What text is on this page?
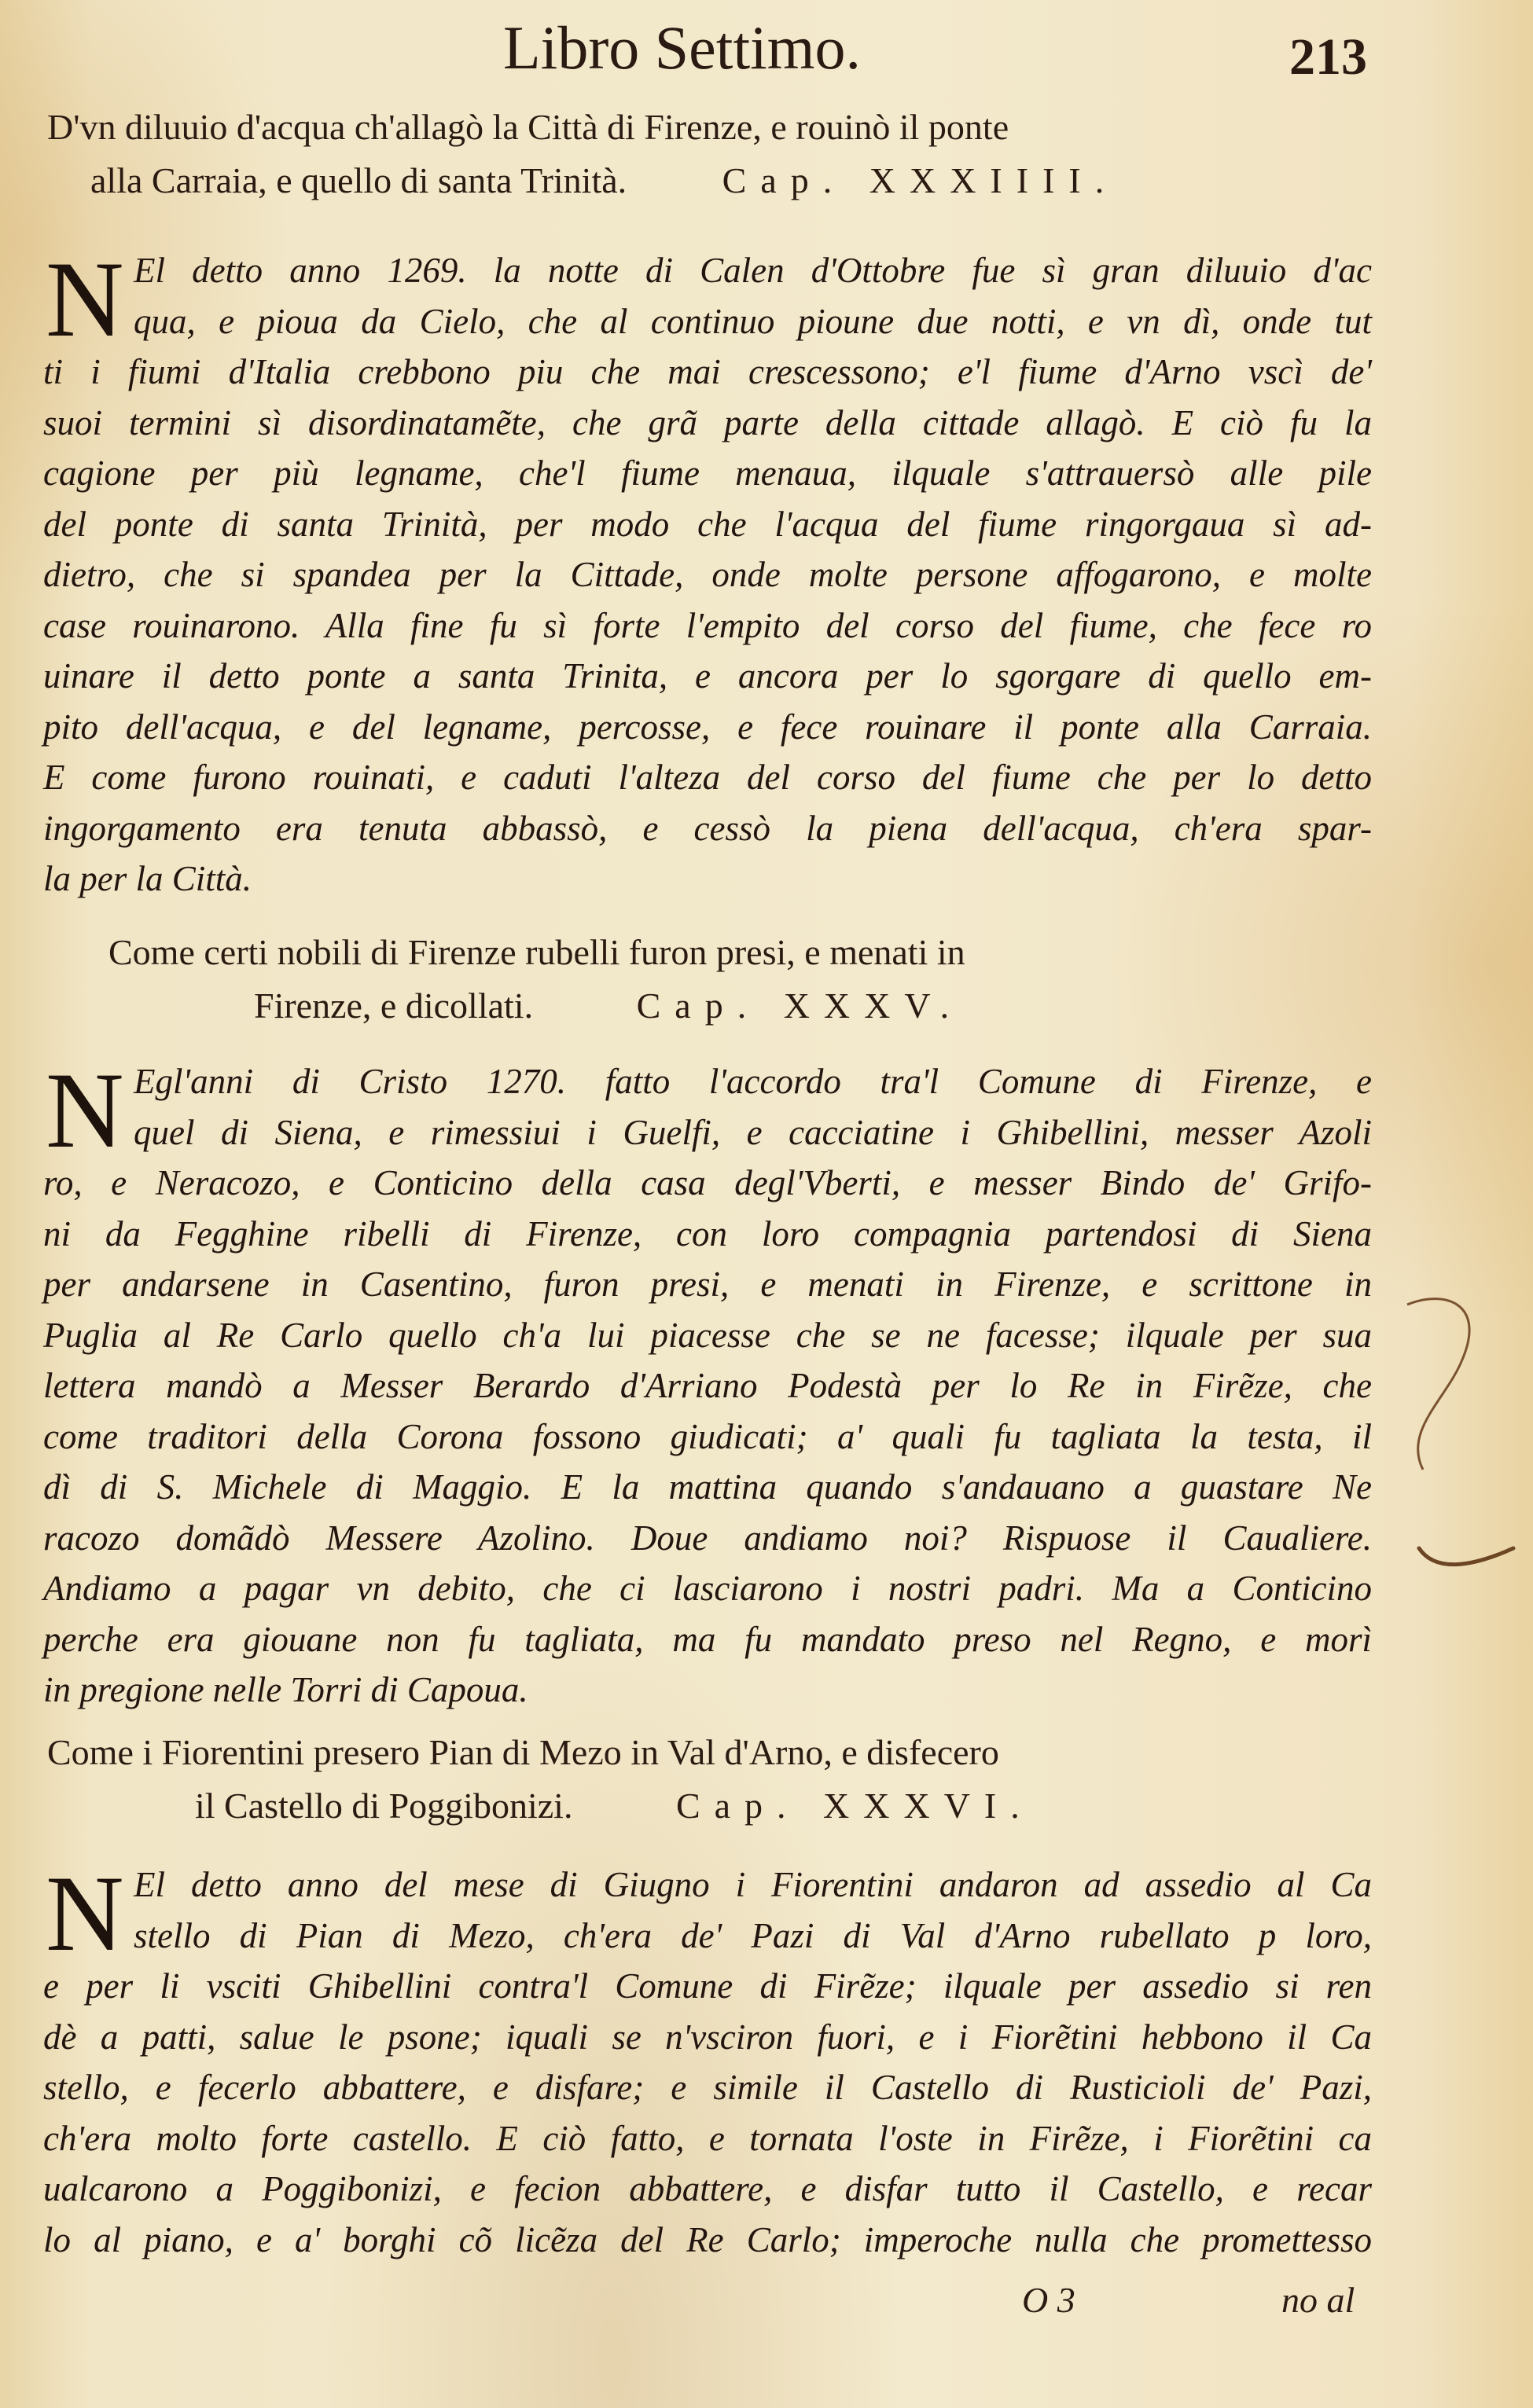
Libro Settimo.	213
D'vn diluuio d'acqua ch'allagò la Città di Firenze, e rouinò il ponte
alla Carraia, e quello di santa Trinità.	Cap. XXXIIII.
N El detto anno 1269. la notte di Calen d'Ottobre fue sì gran diluuio d'ac
qua, e pioua da Cielo, che al continuo pioune due notti, e vn dì, onde tut
ti i fiumi d'Italia crebbono piu che mai crescessono; e'l fiume d'Arno vscì de'
suoi termini sì disordinatamẽte, che grã parte della cittade allagò. E ciò fu la
cagione per più legname, che'l fiume menaua, ilquale s'attrauersò alle pile
del ponte di santa Trinità, per modo che l'acqua del fiume ringorgaua sì ad-
dietro, che si spandea per la Cittade, onde molte persone affogarono, e molte
case rouinarono. Alla fine fu sì forte l'empito del corso del fiume, che fece ro
uinare il detto ponte a santa Trinita, e ancora per lo sgorgare di quello em-
pito dell'acqua, e del legname, percosse, e fece rouinare il ponte alla Carraia.
E come furono rouinati, e caduti l'alteza del corso del fiume che per lo detto
ingorgamento era tenuta abbassò, e cessò la piena dell'acqua, ch'era spar-
la per la Città.
Come certi nobili di Firenze rubelli furon presi, e menati in
Firenze, e dicollati.	Cap. XXXV.
N Egl'anni di Cristo 1270. fatto l'accordo tra'l Comune di Firenze, e
quel di Siena, e rimessiui i Guelfi, e cacciatine i Ghibellini, messer Azoli
ro, e Neracozo, e Conticino della casa degl'Vberti, e messer Bindo de' Grifo-
ni da Fegghine ribelli di Firenze, con loro compagnia partendosi di Siena
per andarsene in Casentino, furon presi, e menati in Firenze, e scrittone in
Puglia al Re Carlo quello ch'a lui piacesse che se ne facesse; ilquale per sua
lettera mandò a Messer Berardo d'Arriano Podestà per lo Re in Firẽze, che
come traditori della Corona fossono giudicati; a' quali fu tagliata la testa, il
dì di S. Michele di Maggio. E la mattina quando s'andauano a guastare Ne
racozo domãdò Messere Azolino. Doue andiamo noi? Rispuose il Caualiere.
Andiamo a pagar vn debito, che ci lasciarono i nostri padri. Ma a Conticino
perche era giouane non fu tagliata, ma fu mandato preso nel Regno, e morì
in pregione nelle Torri di Capoua.
Come i Fiorentini presero Pian di Mezo in Val d'Arno, e disfecero
il Castello di Poggibonizi.	Cap. XXXVI.
N El detto anno del mese di Giugno i Fiorentini andaron ad assedio al Ca
stello di Pian di Mezo, ch'era de' Pazi di Val d'Arno rubellato p loro,
e per li vsciti Ghibellini contra'l Comune di Firẽze; ilquale per assedio si ren
dè a patti, salue le psone; iquali se n'vsciron fuori, e i Fiorẽtini hebbono il Ca
stello, e fecerlo abbattere, e disfare; e simile il Castello di Rusticioli de' Pazi,
ch'era molto forte castello. E ciò fatto, e tornata l'oste in Firẽze, i Fiorẽtini ca
ualcarono a Poggibonizi, e fecion abbattere, e disfar tutto il Castello, e recar
lo al piano, e a' borghi cõ licẽza del Re Carlo; imperoche nulla che promettesso
O 3	no al
